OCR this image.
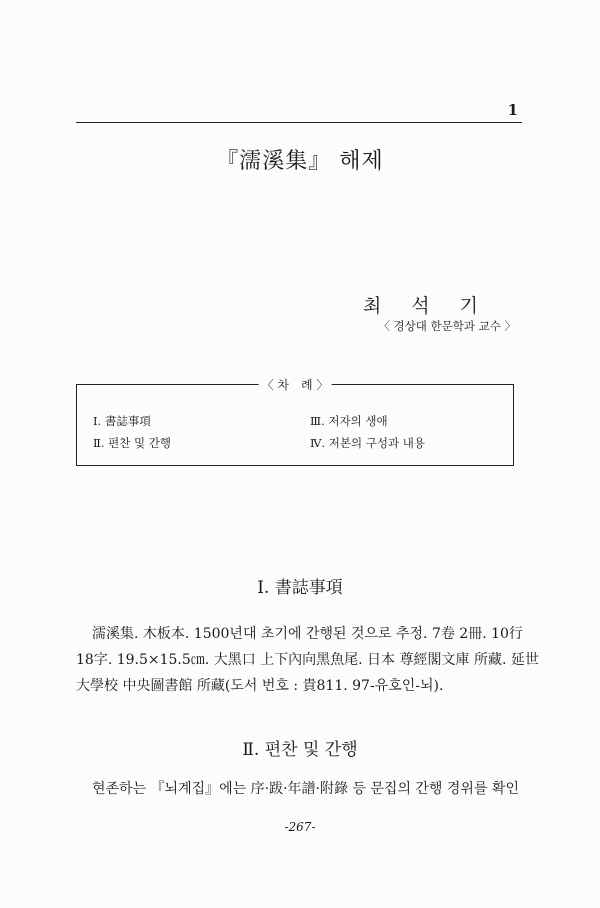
1
『濡溪集』 해제
최석기
〈 경상대 한문학과 교수 〉
〈 차　례 〉
Ⅰ. 書誌事項	Ⅲ. 저자의 생애
Ⅱ. 편찬 및 간행	Ⅳ. 저본의 구성과 내용
Ⅰ. 書誌事項
濡溪集. 木板本. 1500년대 초기에 간행된 것으로 추정. 7卷 2冊. 10行
18字. 19.5×15.5㎝. 大黑口 上下內向黑魚尾. 日本 尊經閣文庫 所藏. 延世
大學校 中央圖書館 所藏(도서 번호 : 貴811. 97-유호인-뇌).
Ⅱ. 편찬 및 간행
현존하는 『뇌계집』에는 序·跋·年譜·附錄 등 문집의 간행 경위를 확인
-267-
